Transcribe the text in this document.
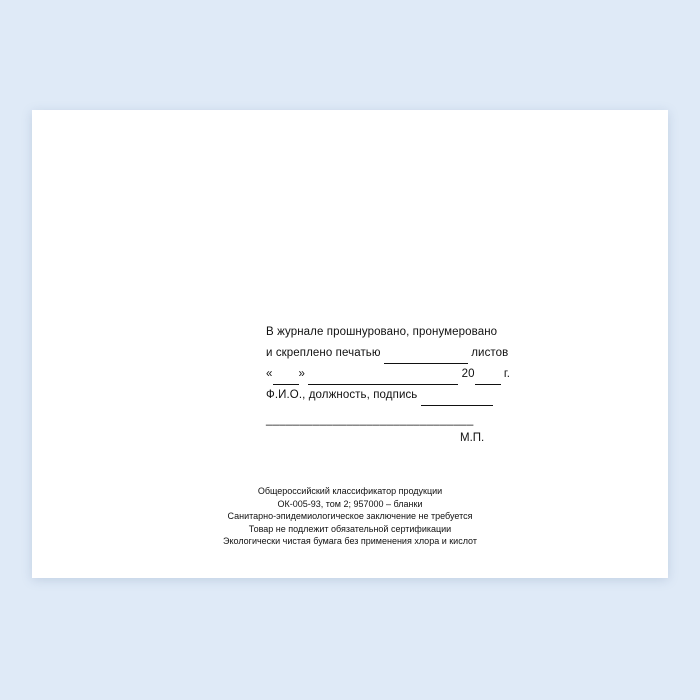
В журнале прошнуровано, пронумеровано
и скреплено печатью	листов
« »	20	г.
Ф.И.О., должность, подпись
_______________________________
М.П.
Общероссийский классификатор продукции
ОК-005-93, том 2; 957000 – бланки
Санитарно-эпидемиологическое заключение не требуется
Товар не подлежит обязательной сертификации
Экологически чистая бумага без применения хлора и кислот
